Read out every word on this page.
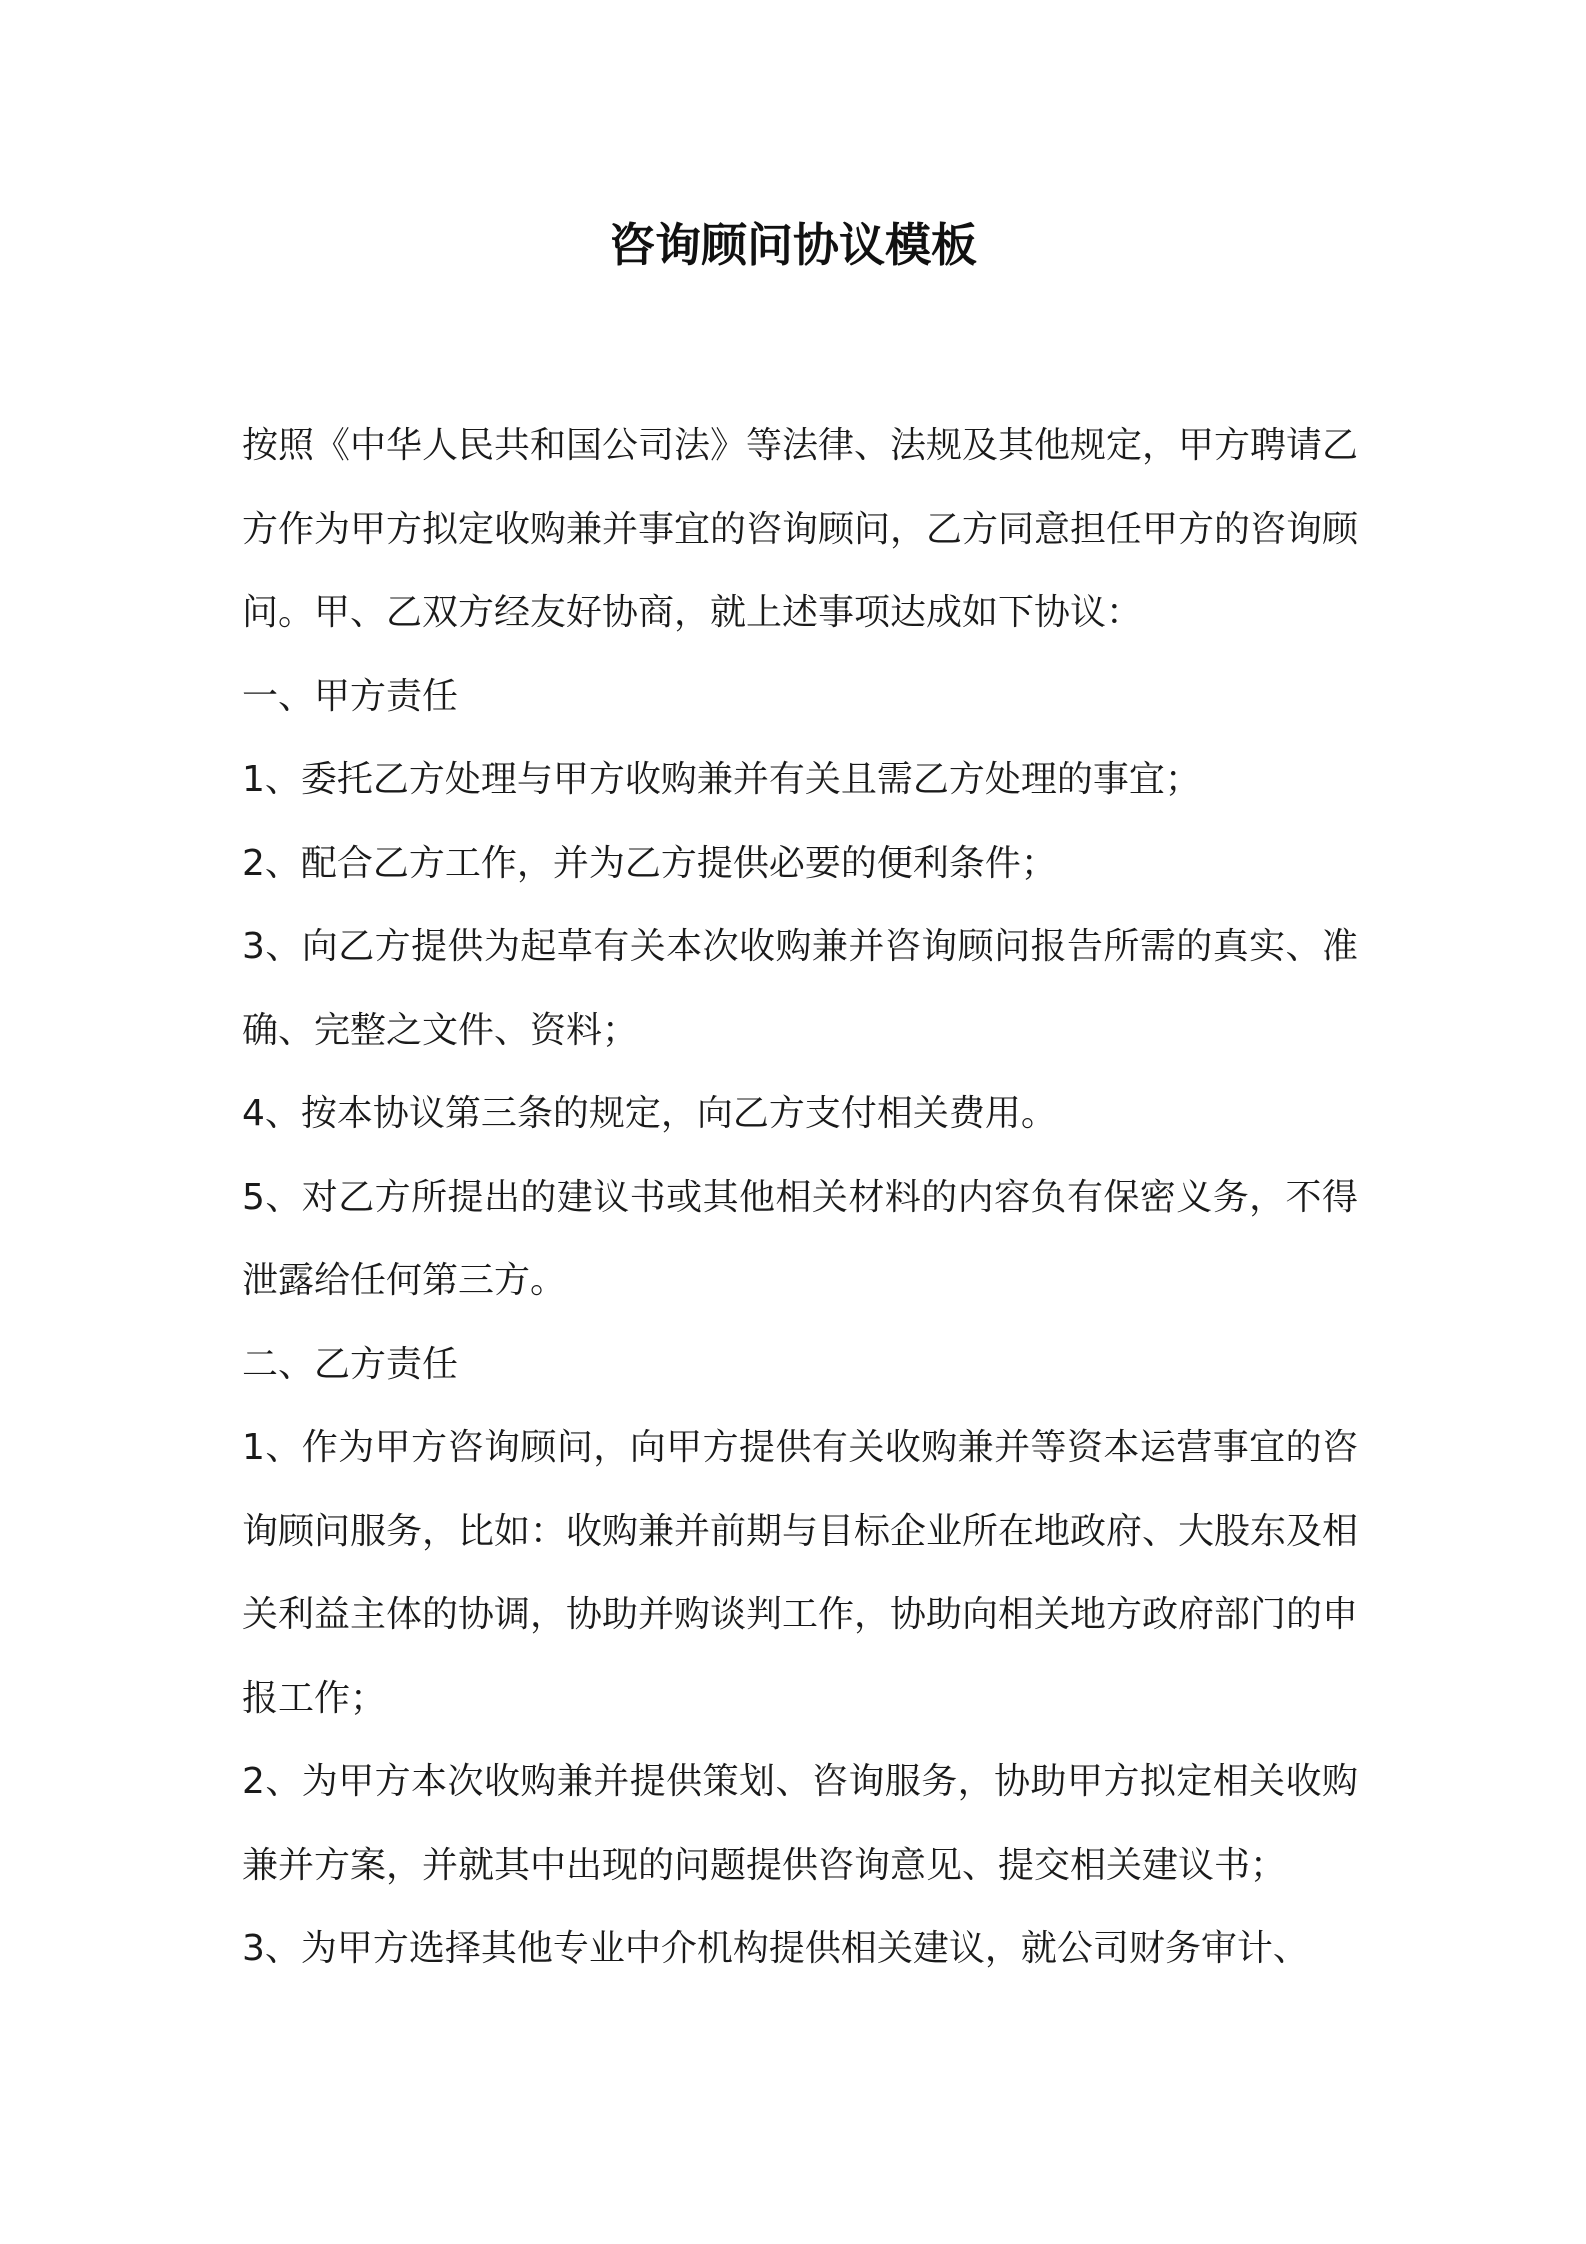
咨询顾问协议模板

按照《中华人民共和国公司法》等法律、法规及其他规定，甲方聘请乙方作为甲方拟定收购兼并事宜的咨询顾问，乙方同意担任甲方的咨询顾问。甲、乙双方经友好协商，就上述事项达成如下协议：

一、甲方责任

1、委托乙方处理与甲方收购兼并有关且需乙方处理的事宜；

2、配合乙方工作，并为乙方提供必要的便利条件；

3、向乙方提供为起草有关本次收购兼并咨询顾问报告所需的真实、准确、完整之文件、资料；

4、按本协议第三条的规定，向乙方支付相关费用。

5、对乙方所提出的建议书或其他相关材料的内容负有保密义务，不得泄露给任何第三方。

二、乙方责任

1、作为甲方咨询顾问，向甲方提供有关收购兼并等资本运营事宜的咨询顾问服务，比如：收购兼并前期与目标企业所在地政府、大股东及相关利益主体的协调，协助并购谈判工作，协助向相关地方政府部门的申报工作；

2、为甲方本次收购兼并提供策划、咨询服务，协助甲方拟定相关收购兼并方案，并就其中出现的问题提供咨询意见、提交相关建议书；

3、为甲方选择其他专业中介机构提供相关建议，就公司财务审计、
